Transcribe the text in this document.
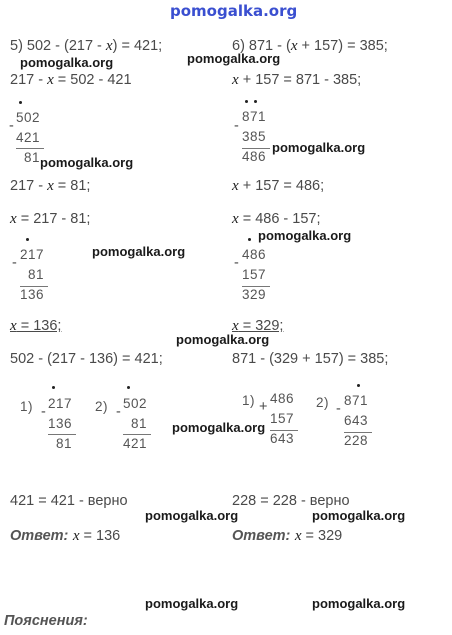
pomogalka.org
pomogalka.org	pomogalka.org
pomogalka.org
pomogalka.org
pomogalka.org
pomogalka.org
pomogalka.org
pomogalka.org
pomogalka.org	pomogalka.org
pomogalka.org	pomogalka.org
5) 502 - (217 - x) = 421;
217 - x = 502 - 421
502
421
81
-
217 - x = 81;
x = 217 - 81;
217
81
136
-
x = 136;
502 - (217 - 136) = 421;
1) 217
136
81
-	2) 502
81
421
-
421 = 421 - верно
Ответ: x = 136
6) 871 - (x + 157) = 385;
x + 157 = 871 - 385;
871
385
486
-
x + 157 = 486;
x = 486 - 157;
486
157
329
-
x = 329;
871 - (329 + 157) = 385;
1) 486
157
643
+	2) 871
643
228
-
228 = 228 - верно
Ответ: x = 329
Пояснения:
